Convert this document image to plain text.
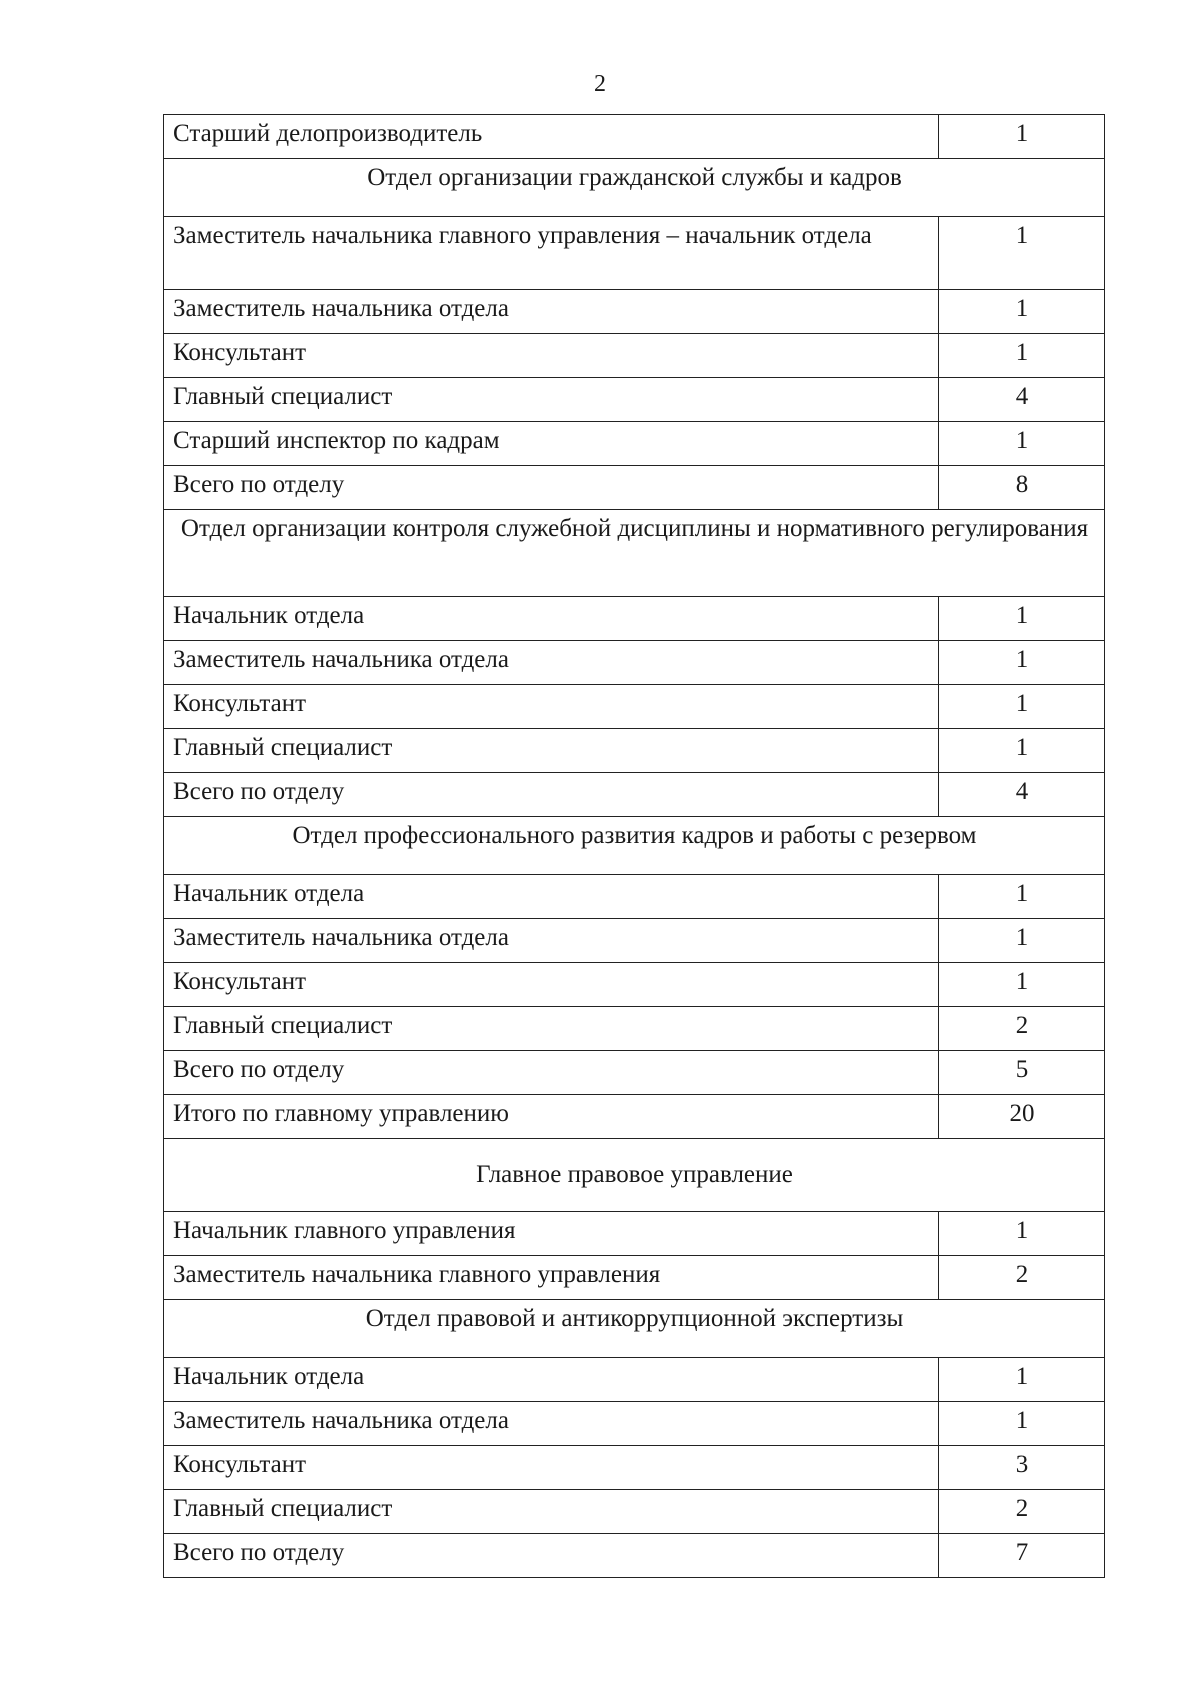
2
Старший делопроизводитель	1
Отдел организации гражданской службы и кадров	
Заместитель начальника главного управления – начальник отдела	1
Заместитель начальника отдела	1
Консультант	1
Главный специалист	4
Старший инспектор по кадрам	1
Всего по отделу	8
Отдел организации контроля служебной дисциплины и нормативного регулирования	
Начальник отдела	1
Заместитель начальника отдела	1
Консультант	1
Главный специалист	1
Всего по отделу	4
Отдел профессионального развития кадров и работы с резервом	
Начальник отдела	1
Заместитель начальника отдела	1
Консультант	1
Главный специалист	2
Всего по отделу	5
Итого по главному управлению	20
Главное правовое управление	
Начальник главного управления	1
Заместитель начальника главного управления	2
Отдел правовой и антикоррупционной экспертизы	
Начальник отдела	1
Заместитель начальника отдела	1
Консультант	3
Главный специалист	2
Всего по отделу	7
